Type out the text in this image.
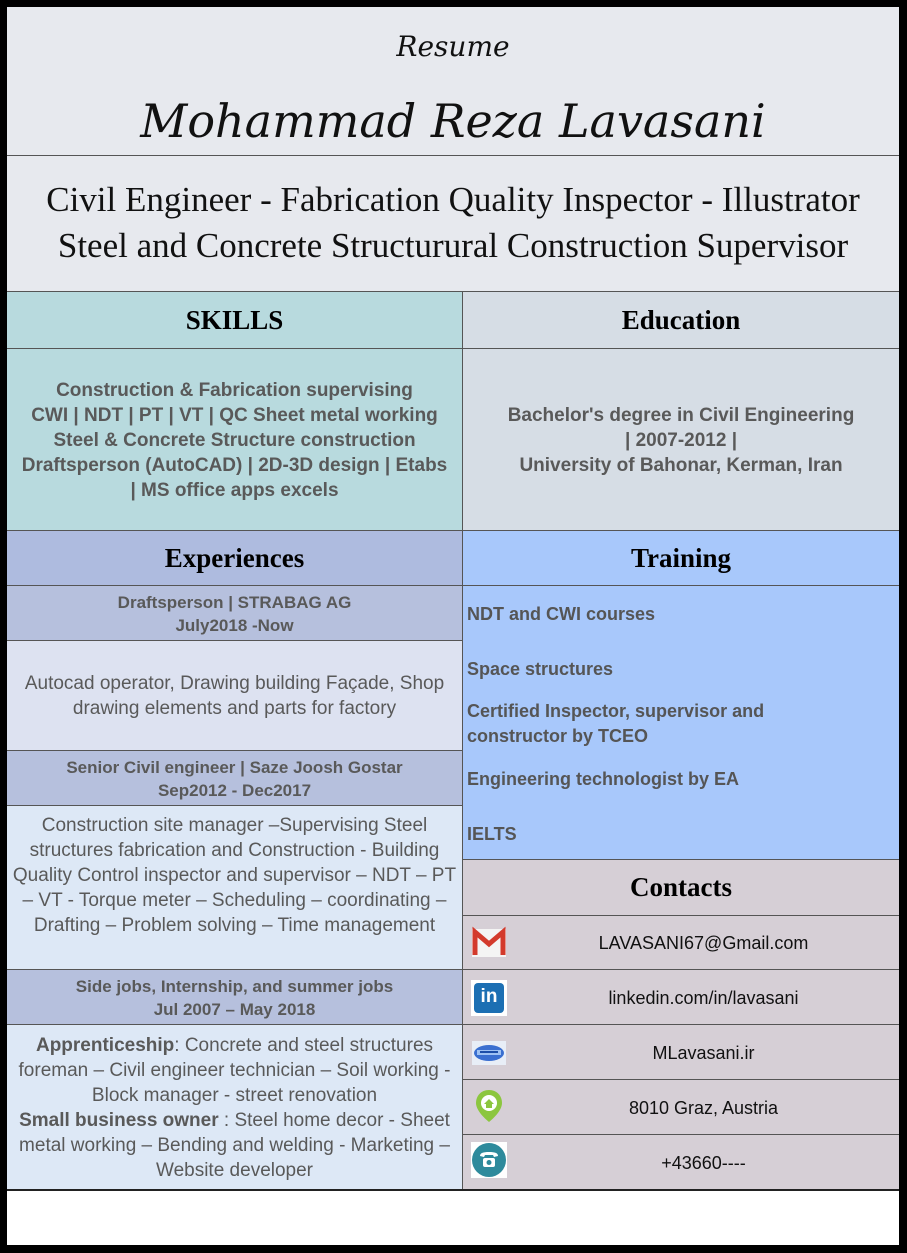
Resume
Mohammad Reza Lavasani
Civil Engineer - Fabrication Quality Inspector - Illustrator
Steel and Concrete Structurural Construction Supervisor
SKILLS
Construction & Fabrication supervising
CWI | NDT | PT | VT | QC Sheet metal working
Steel & Concrete Structure construction
Draftsperson (AutoCAD) | 2D-3D design | Etabs
| MS office apps excels
Education
Bachelor's degree in Civil Engineering
| 2007-2012 |
University of Bahonar, Kerman, Iran
Experiences
Draftsperson | STRABAG AG
July2018 -Now
Autocad operator, Drawing building Façade, Shop drawing elements and parts for factory
Senior Civil engineer | Saze Joosh Gostar
Sep2012 - Dec2017
Construction site manager –Supervising Steel structures fabrication and Construction - Building Quality Control inspector and supervisor – NDT – PT – VT - Torque meter – Scheduling – coordinating – Drafting – Problem solving – Time management
Side jobs, Internship, and summer jobs
Jul 2007 – May 2018
Apprenticeship: Concrete and steel structures foreman – Civil engineer technician – Soil working - Block manager - street renovation
Small business owner : Steel home decor - Sheet metal working – Bending and welding - Marketing – Website developer
Training
NDT and CWI courses
Space structures
Certified Inspector, supervisor and constructor by TCEO
Engineering technologist by EA
IELTS
Contacts
LAVASANI67@Gmail.com
in	linkedin.com/in/lavasani
MLavasani.ir
8010 Graz, Austria
+43660----
